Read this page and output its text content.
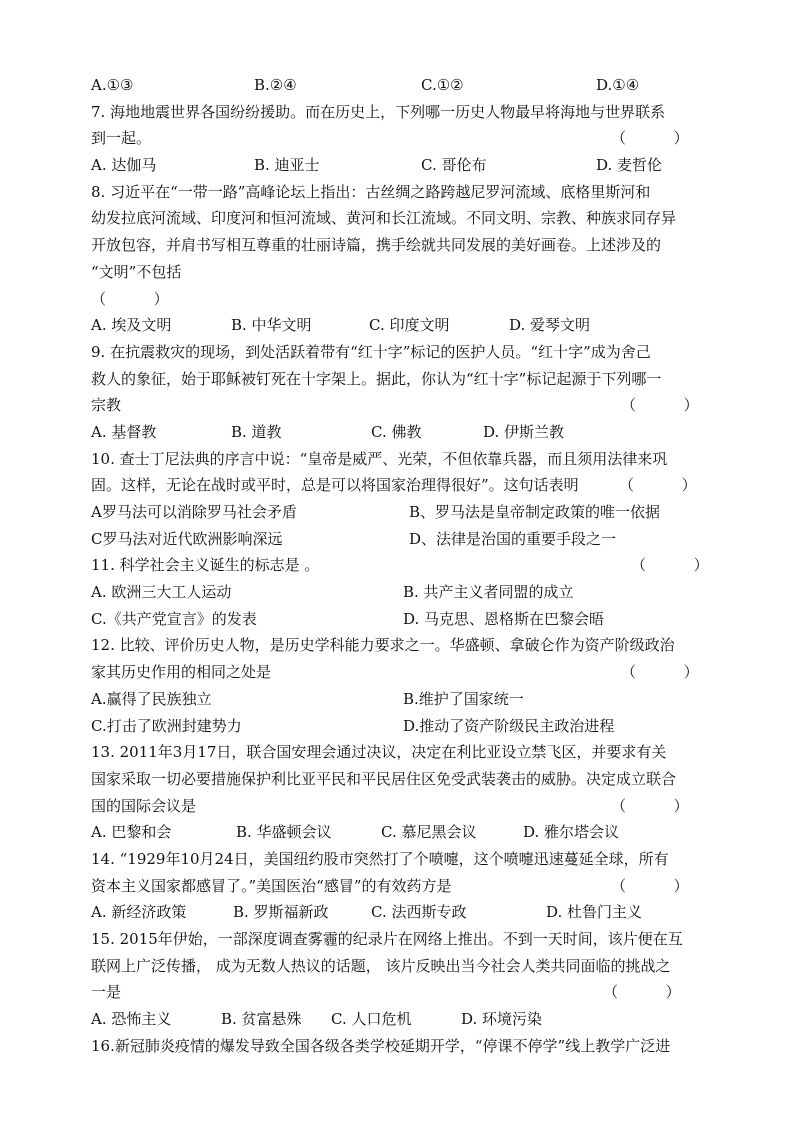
A.①③	B.②④	C.①②	D.①④
7. 海地地震世界各国纷纷援助。而在历史上，下列哪一历史人物最早将海地与世界联系
到一起。	（          ）
A. 达伽马	B. 迪亚士	C. 哥伦布	D. 麦哲伦
8. 习近平在“一带一路”高峰论坛上指出：古丝绸之路跨越尼罗河流域、底格里斯河和
幼发拉底河流域、印度河和恒河流域、黄河和长江流域。不同文明、宗教、种族求同存异
开放包容，并肩书写相互尊重的壮丽诗篇，携手绘就共同发展的美好画卷。上述涉及的
“文明”不包括
（          ）
A. 埃及文明	B. 中华文明	C. 印度文明	D. 爱琴文明
9. 在抗震救灾的现场，到处活跃着带有“红十字”标记的医护人员。“红十字”成为舍己
救人的象征，始于耶稣被钉死在十字架上。据此，你认为“红十字”标记起源于下列哪一
宗教	（          ）
A. 基督教	B. 道教	C. 佛教	D. 伊斯兰教
10. 查士丁尼法典的序言中说：“皇帝是威严、光荣，不但依靠兵器，而且须用法律来巩
固。这样，无论在战时或平时，总是可以将国家治理得很好”。这句话表明	（          ）
A罗马法可以消除罗马社会矛盾	B、罗马法是皇帝制定政策的唯一依据
C罗马法对近代欧洲影响深远	D、法律是治国的重要手段之一
11. 科学社会主义诞生的标志是 。	（          ）
A. 欧洲三大工人运动	B. 共产主义者同盟的成立
C.《共产党宣言》的发表	D. 马克思、恩格斯在巴黎会晤
12. 比较、评价历史人物，是历史学科能力要求之一。华盛顿、拿破仑作为资产阶级政治
家其历史作用的相同之处是	（          ）
A.赢得了民族独立	B.维护了国家统一
C.打击了欧洲封建势力	D.推动了资产阶级民主政治进程
13. 2011年3月17日，联合国安理会通过决议，决定在利比亚设立禁飞区，并要求有关
国家采取一切必要措施保护利比亚平民和平民居住区免受武装袭击的威胁。决定成立联合
国的国际会议是	（          ）
A. 巴黎和会	B. 华盛顿会议	C. 慕尼黑会议	D. 雅尔塔会议
14. “1929年10月24日，美国纽约股市突然打了个喷嚏，这个喷嚏迅速蔓延全球，所有
资本主义国家都感冒了。”美国医治“感冒”的有效药方是	（          ）
A. 新经济政策	B. 罗斯福新政	C. 法西斯专政	D. 杜鲁门主义
15. 2015年伊始，一部深度调查雾霾的纪录片在网络上推出。不到一天时间，该片便在互
联网上广泛传播， 成为无数人热议的话题， 该片反映出当今社会人类共同面临的挑战之
一是	（          ）
A. 恐怖主义	B. 贫富悬殊 C. 人口危机	D. 环境污染
16.新冠肺炎疫情的爆发导致全国各级各类学校延期开学，“停课不停学”线上教学广泛进
